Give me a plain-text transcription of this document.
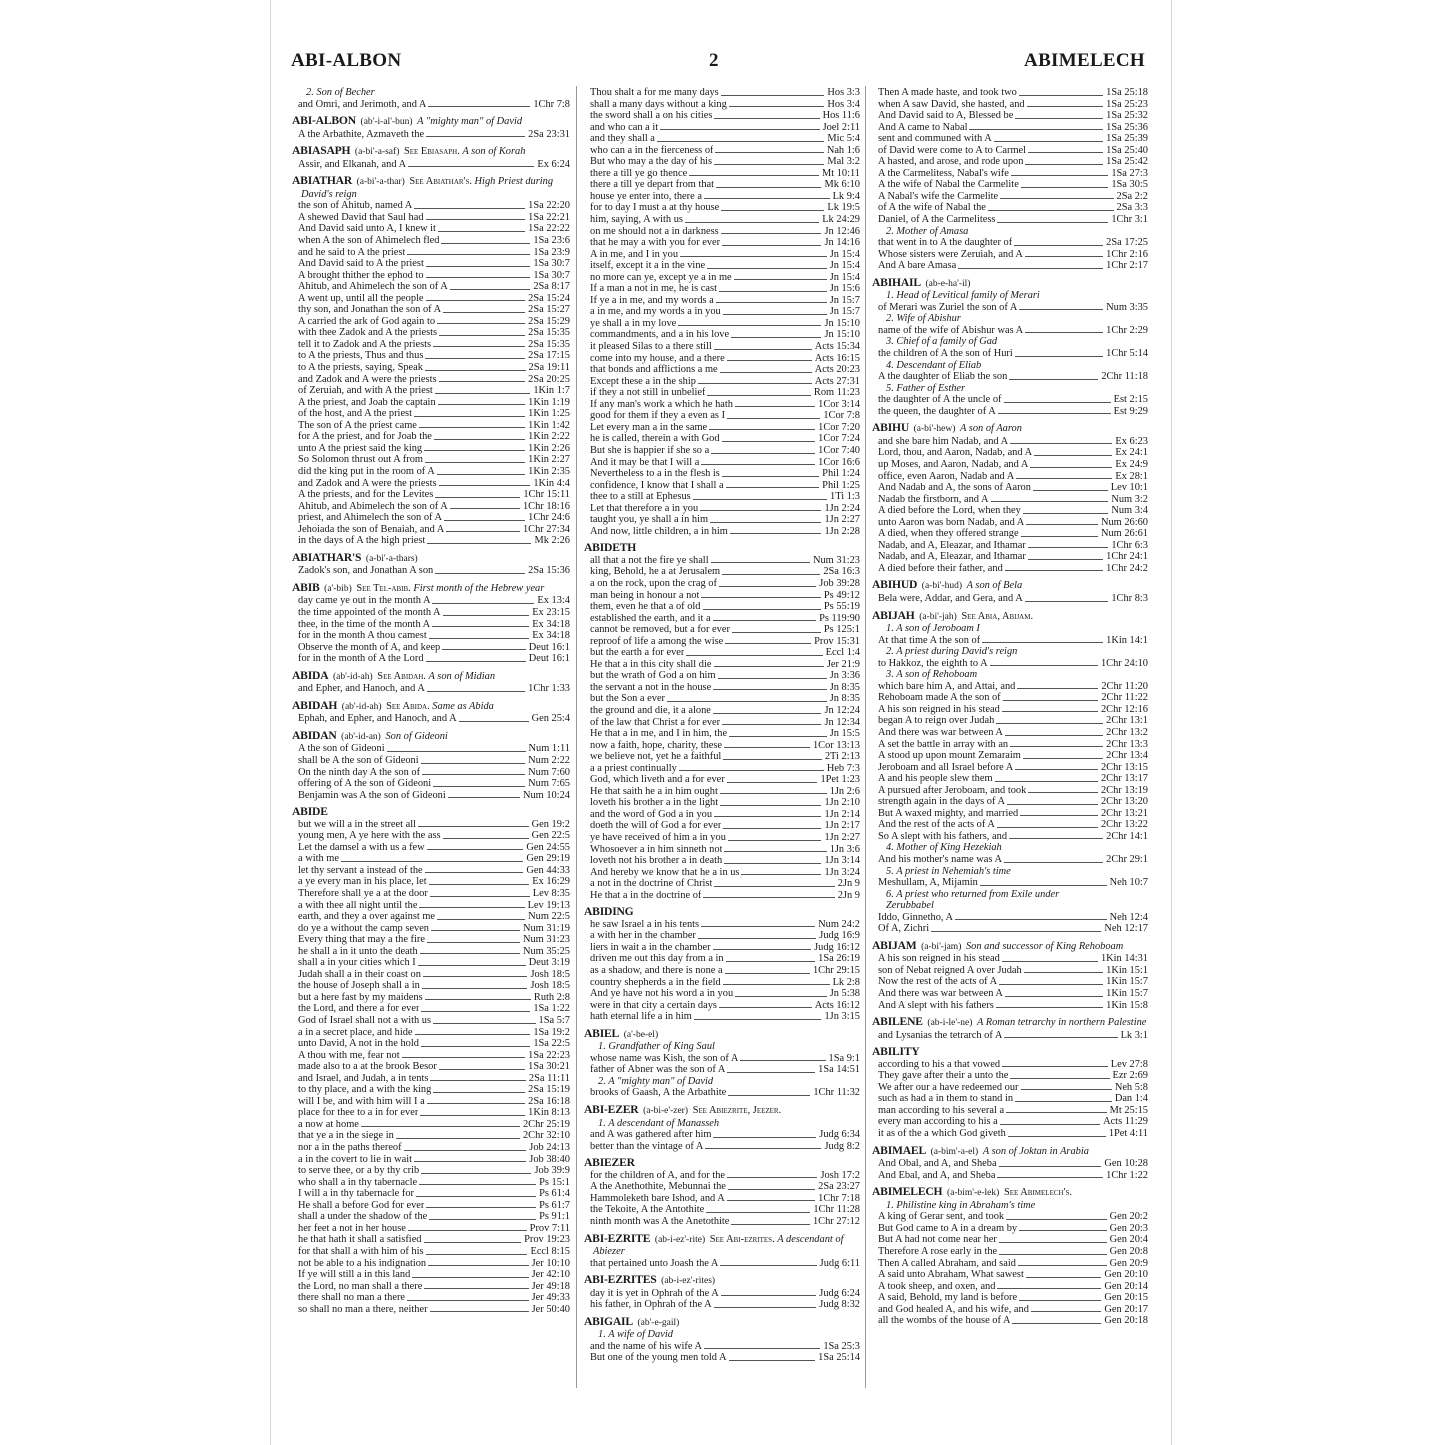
ABI-ALBON	2	ABIMELECH
2. Son of Becher
and Omri, and Jerimoth, and A	1Chr 7:8
ABI-ALBON (ab'-i-al'-bun) A "mighty man" of David
A the Arbathite, Azmaveth the	2Sa 23:31
ABIASAPH (a-bi'-a-saf) See Ebiasaph. A son of Korah
Assir, and Elkanah, and A	Ex 6:24
ABIATHAR (a-bi'-a-thar) See Abiathar's. High Priest during David's reign
the son of Ahitub, named A	1Sa 22:20
A shewed David that Saul had	1Sa 22:21
And David said unto A, I knew it	1Sa 22:22
when A the son of Ahimelech fled	1Sa 23:6
and he said to A the priest	1Sa 23:9
And David said to A the priest	1Sa 30:7
A brought thither the ephod to	1Sa 30:7
Ahitub, and Ahimelech the son of A	2Sa 8:17
A went up, until all the people	2Sa 15:24
thy son, and Jonathan the son of A	2Sa 15:27
A carried the ark of God again to	2Sa 15:29
with thee Zadok and A the priests	2Sa 15:35
tell it to Zadok and A the priests	2Sa 15:35
to A the priests, Thus and thus	2Sa 17:15
to A the priests, saying, Speak	2Sa 19:11
and Zadok and A were the priests	2Sa 20:25
of Zeruiah, and with A the priest	1Kin 1:7
A the priest, and Joab the captain	1Kin 1:19
of the host, and A the priest	1Kin 1:25
The son of A the priest came	1Kin 1:42
for A the priest, and for Joab the	1Kin 2:22
unto A the priest said the king	1Kin 2:26
So Solomon thrust out A from	1Kin 2:27
did the king put in the room of A	1Kin 2:35
and Zadok and A were the priests	1Kin 4:4
A the priests, and for the Levites	1Chr 15:11
Ahitub, and Abimelech the son of A	1Chr 18:16
priest, and Ahimelech the son of A	1Chr 24:6
Jehoiada the son of Benaiah, and A	1Chr 27:34
in the days of A the high priest	Mk 2:26
ABIATHAR'S (a-bi'-a-thars)
Zadok's son, and Jonathan A son	2Sa 15:36
ABIB (a'-bib) See Tel-abib. First month of the Hebrew year
day came ye out in the month A	Ex 13:4
the time appointed of the month A	Ex 23:15
thee, in the time of the month A	Ex 34:18
for in the month A thou camest	Ex 34:18
Observe the month of A, and keep	Deut 16:1
for in the month of A the Lord	Deut 16:1
ABIDA (ab'-id-ah) See Abidah. A son of Midian
and Epher, and Hanoch, and A	1Chr 1:33
ABIDAH (ab'-id-ah) See Abida. Same as Abida
Ephah, and Epher, and Hanoch, and A	Gen 25:4
ABIDAN (ab'-id-an) Son of Gideoni
A the son of Gideoni	Num 1:11
shall be A the son of Gideoni	Num 2:22
On the ninth day A the son of	Num 7:60
offering of A the son of Gideoni	Num 7:65
Benjamin was A the son of Gideoni	Num 10:24
ABIDE
but we will a in the street all	Gen 19:2
young men, A ye here with the ass	Gen 22:5
Let the damsel a with us a few	Gen 24:55
a with me	Gen 29:19
let thy servant a instead of the	Gen 44:33
a ye every man in his place, let	Ex 16:29
Therefore shall ye a at the door	Lev 8:35
a with thee all night until the	Lev 19:13
earth, and they a over against me	Num 22:5
do ye a without the camp seven	Num 31:19
Every thing that may a the fire	Num 31:23
he shall a in it unto the death	Num 35:25
shall a in your cities which I	Deut 3:19
Judah shall a in their coast on	Josh 18:5
the house of Joseph shall a in	Josh 18:5
but a here fast by my maidens	Ruth 2:8
the Lord, and there a for ever	1Sa 1:22
God of Israel shall not a with us	1Sa 5:7
a in a secret place, and hide	1Sa 19:2
unto David, A not in the hold	1Sa 22:5
A thou with me, fear not	1Sa 22:23
made also to a at the brook Besor	1Sa 30:21
and Israel, and Judah, a in tents	2Sa 11:11
to thy place, and a with the king	2Sa 15:19
will I be, and with him will I a	2Sa 16:18
place for thee to a in for ever	1Kin 8:13
a now at home	2Chr 25:19
that ye a in the siege in	2Chr 32:10
nor a in the paths thereof	Job 24:13
a in the covert to lie in wait	Job 38:40
to serve thee, or a by thy crib	Job 39:9
who shall a in thy tabernacle	Ps 15:1
I will a in thy tabernacle for	Ps 61:4
He shall a before God for ever	Ps 61:7
shall a under the shadow of the	Ps 91:1
her feet a not in her house	Prov 7:11
he that hath it shall a satisfied	Prov 19:23
for that shall a with him of his	Eccl 8:15
not be able to a his indignation	Jer 10:10
If ye will still a in this land	Jer 42:10
the Lord, no man shall a there	Jer 49:18
there shall no man a there	Jer 49:33
so shall no man a there, neither	Jer 50:40
Thou shalt a for me many days	Hos 3:3
shall a many days without a king	Hos 3:4
the sword shall a on his cities	Hos 11:6
and who can a it	Joel 2:11
and they shall a	Mic 5:4
who can a in the fierceness of	Nah 1:6
But who may a the day of his	Mal 3:2
there a till ye go thence	Mt 10:11
there a till ye depart from that	Mk 6:10
house ye enter into, there a	Lk 9:4
for to day I must a at thy house	Lk 19:5
him, saying, A with us	Lk 24:29
on me should not a in darkness	Jn 12:46
that he may a with you for ever	Jn 14:16
A in me, and I in you	Jn 15:4
itself, except it a in the vine	Jn 15:4
no more can ye, except ye a in me	Jn 15:4
If a man a not in me, he is cast	Jn 15:6
If ye a in me, and my words a	Jn 15:7
a in me, and my words a in you	Jn 15:7
ye shall a in my love	Jn 15:10
commandments, and a in his love	Jn 15:10
it pleased Silas to a there still	Acts 15:34
come into my house, and a there	Acts 16:15
that bonds and afflictions a me	Acts 20:23
Except these a in the ship	Acts 27:31
if they a not still in unbelief	Rom 11:23
If any man's work a which he hath	1Cor 3:14
good for them if they a even as I	1Cor 7:8
Let every man a in the same	1Cor 7:20
he is called, therein a with God	1Cor 7:24
But she is happier if she so a	1Cor 7:40
And it may be that I will a	1Cor 16:6
Nevertheless to a in the flesh is	Phil 1:24
confidence, I know that I shall a	Phil 1:25
thee to a still at Ephesus	1Ti 1:3
Let that therefore a in you	1Jn 2:24
taught you, ye shall a in him	1Jn 2:27
And now, little children, a in him	1Jn 2:28
ABIDETH
all that a not the fire ye shall	Num 31:23
king, Behold, he a at Jerusalem	2Sa 16:3
a on the rock, upon the crag of	Job 39:28
man being in honour a not	Ps 49:12
them, even he that a of old	Ps 55:19
established the earth, and it a	Ps 119:90
cannot be removed, but a for ever	Ps 125:1
reproof of life a among the wise	Prov 15:31
but the earth a for ever	Eccl 1:4
He that a in this city shall die	Jer 21:9
but the wrath of God a on him	Jn 3:36
the servant a not in the house	Jn 8:35
but the Son a ever	Jn 8:35
the ground and die, it a alone	Jn 12:24
of the law that Christ a for ever	Jn 12:34
He that a in me, and I in him, the	Jn 15:5
now a faith, hope, charity, these	1Cor 13:13
we believe not, yet he a faithful	2Ti 2:13
a a priest continually	Heb 7:3
God, which liveth and a for ever	1Pet 1:23
He that saith he a in him ought	1Jn 2:6
loveth his brother a in the light	1Jn 2:10
and the word of God a in you	1Jn 2:14
doeth the will of God a for ever	1Jn 2:17
ye have received of him a in you	1Jn 2:27
Whosoever a in him sinneth not	1Jn 3:6
loveth not his brother a in death	1Jn 3:14
And hereby we know that he a in us	1Jn 3:24
a not in the doctrine of Christ	2Jn 9
He that a in the doctrine of	2Jn 9
ABIDING
he saw Israel a in his tents	Num 24:2
a with her in the chamber	Judg 16:9
liers in wait a in the chamber	Judg 16:12
driven me out this day from a in	1Sa 26:19
as a shadow, and there is none a	1Chr 29:15
country shepherds a in the field	Lk 2:8
And ye have not his word a in you	Jn 5:38
were in that city a certain days	Acts 16:12
hath eternal life a in him	1Jn 3:15
ABIEL (a'-be-el)
1. Grandfather of King Saul
whose name was Kish, the son of A	1Sa 9:1
father of Abner was the son of A	1Sa 14:51
2. A "mighty man" of David
brooks of Gaash, A the Arbathite	1Chr 11:32
ABI-EZER (a-bi-e'-zer) See Abiezrite, Jeezer.
1. A descendant of Manasseh
and A was gathered after him	Judg 6:34
better than the vintage of A	Judg 8:2
ABIEZER
for the children of A, and for the	Josh 17:2
A the Anethothite, Mebunnai the	2Sa 23:27
Hammoleketh bare Ishod, and A	1Chr 7:18
the Tekoite, A the Antothite	1Chr 11:28
ninth month was A the Anetothite	1Chr 27:12
ABI-EZRITE (ab-i-ez'-rite) See Abi-ezrites. A descendant of Abiezer
that pertained unto Joash the A	Judg 6:11
ABI-EZRITES (ab-i-ez'-rites)
day it is yet in Ophrah of the A	Judg 6:24
his father, in Ophrah of the A	Judg 8:32
ABIGAIL (ab'-e-gail)
1. A wife of David
and the name of his wife A	1Sa 25:3
But one of the young men told A	1Sa 25:14
Then A made haste, and took two	1Sa 25:18
when A saw David, she hasted, and	1Sa 25:23
And David said to A, Blessed be	1Sa 25:32
And A came to Nabal	1Sa 25:36
sent and communed with A	1Sa 25:39
of David were come to A to Carmel	1Sa 25:40
A hasted, and arose, and rode upon	1Sa 25:42
A the Carmelitess, Nabal's wife	1Sa 27:3
A the wife of Nabal the Carmelite	1Sa 30:5
A Nabal's wife the Carmelite	2Sa 2:2
of A the wife of Nabal the	2Sa 3:3
Daniel, of A the Carmelitess	1Chr 3:1
2. Mother of Amasa
that went in to A the daughter of	2Sa 17:25
Whose sisters were Zeruiah, and A	1Chr 2:16
And A bare Amasa	1Chr 2:17
ABIHAIL (ab-e-ha'-il)
1. Head of Levitical family of Merari
of Merari was Zuriel the son of A	Num 3:35
2. Wife of Abishur
name of the wife of Abishur was A	1Chr 2:29
3. Chief of a family of Gad
the children of A the son of Huri	1Chr 5:14
4. Descendant of Eliab
A the daughter of Eliab the son	2Chr 11:18
5. Father of Esther
the daughter of A the uncle of	Est 2:15
the queen, the daughter of A	Est 9:29
ABIHU (a-bi'-hew) A son of Aaron
and she bare him Nadab, and A	Ex 6:23
Lord, thou, and Aaron, Nadab, and A	Ex 24:1
up Moses, and Aaron, Nadab, and A	Ex 24:9
office, even Aaron, Nadab and A	Ex 28:1
And Nadab and A, the sons of Aaron	Lev 10:1
Nadab the firstborn, and A	Num 3:2
A died before the Lord, when they	Num 3:4
unto Aaron was born Nadab, and A	Num 26:60
A died, when they offered strange	Num 26:61
Nadab, and A, Eleazar, and Ithamar	1Chr 6:3
Nadab, and A, Eleazar, and Ithamar	1Chr 24:1
A died before their father, and	1Chr 24:2
ABIHUD (a-bi'-hud) A son of Bela
Bela were, Addar, and Gera, and A	1Chr 8:3
ABIJAH (a-bi'-jah) See Abia, Abijam.
1. A son of Jeroboam I
At that time A the son of	1Kin 14:1
2. A priest during David's reign
to Hakkoz, the eighth to A	1Chr 24:10
3. A son of Rehoboam
which bare him A, and Attai, and	2Chr 11:20
Rehoboam made A the son of	2Chr 11:22
A his son reigned in his stead	2Chr 12:16
began A to reign over Judah	2Chr 13:1
And there was war between A	2Chr 13:2
A set the battle in array with an	2Chr 13:3
A stood up upon mount Zemaraim	2Chr 13:4
Jeroboam and all Israel before A	2Chr 13:15
A and his people slew them	2Chr 13:17
A pursued after Jeroboam, and took	2Chr 13:19
strength again in the days of A	2Chr 13:20
But A waxed mighty, and married	2Chr 13:21
And the rest of the acts of A	2Chr 13:22
So A slept with his fathers, and	2Chr 14:1
4. Mother of King Hezekiah
And his mother's name was A	2Chr 29:1
5. A priest in Nehemiah's time
Meshullam, A, Mijamin	Neh 10:7
6. A priest who returned from Exile under
Zerubbabel
Iddo, Ginnetho, A	Neh 12:4
Of A, Zichri	Neh 12:17
ABIJAM (a-bi'-jam) Son and successor of King Rehoboam
A his son reigned in his stead	1Kin 14:31
son of Nebat reigned A over Judah	1Kin 15:1
Now the rest of the acts of A	1Kin 15:7
And there was war between A	1Kin 15:7
And A slept with his fathers	1Kin 15:8
ABILENE (ab-i-le'-ne) A Roman tetrarchy in northern Palestine
and Lysanias the tetrarch of A	Lk 3:1
ABILITY
according to his a that vowed	Lev 27:8
They gave after their a unto the	Ezr 2:69
We after our a have redeemed our	Neh 5:8
such as had a in them to stand in	Dan 1:4
man according to his several a	Mt 25:15
every man according to his a	Acts 11:29
it as of the a which God giveth	1Pet 4:11
ABIMAEL (a-bim'-a-el) A son of Joktan in Arabia
And Obal, and A, and Sheba	Gen 10:28
And Ebal, and A, and Sheba	1Chr 1:22
ABIMELECH (a-bim'-e-lek) See Abimelech's.
1. Philistine king in Abraham's time
A king of Gerar sent, and took	Gen 20:2
But God came to A in a dream by	Gen 20:3
But A had not come near her	Gen 20:4
Therefore A rose early in the	Gen 20:8
Then A called Abraham, and said	Gen 20:9
A said unto Abraham, What sawest	Gen 20:10
A took sheep, and oxen, and	Gen 20:14
A said, Behold, my land is before	Gen 20:15
and God healed A, and his wife, and	Gen 20:17
all the wombs of the house of A	Gen 20:18
